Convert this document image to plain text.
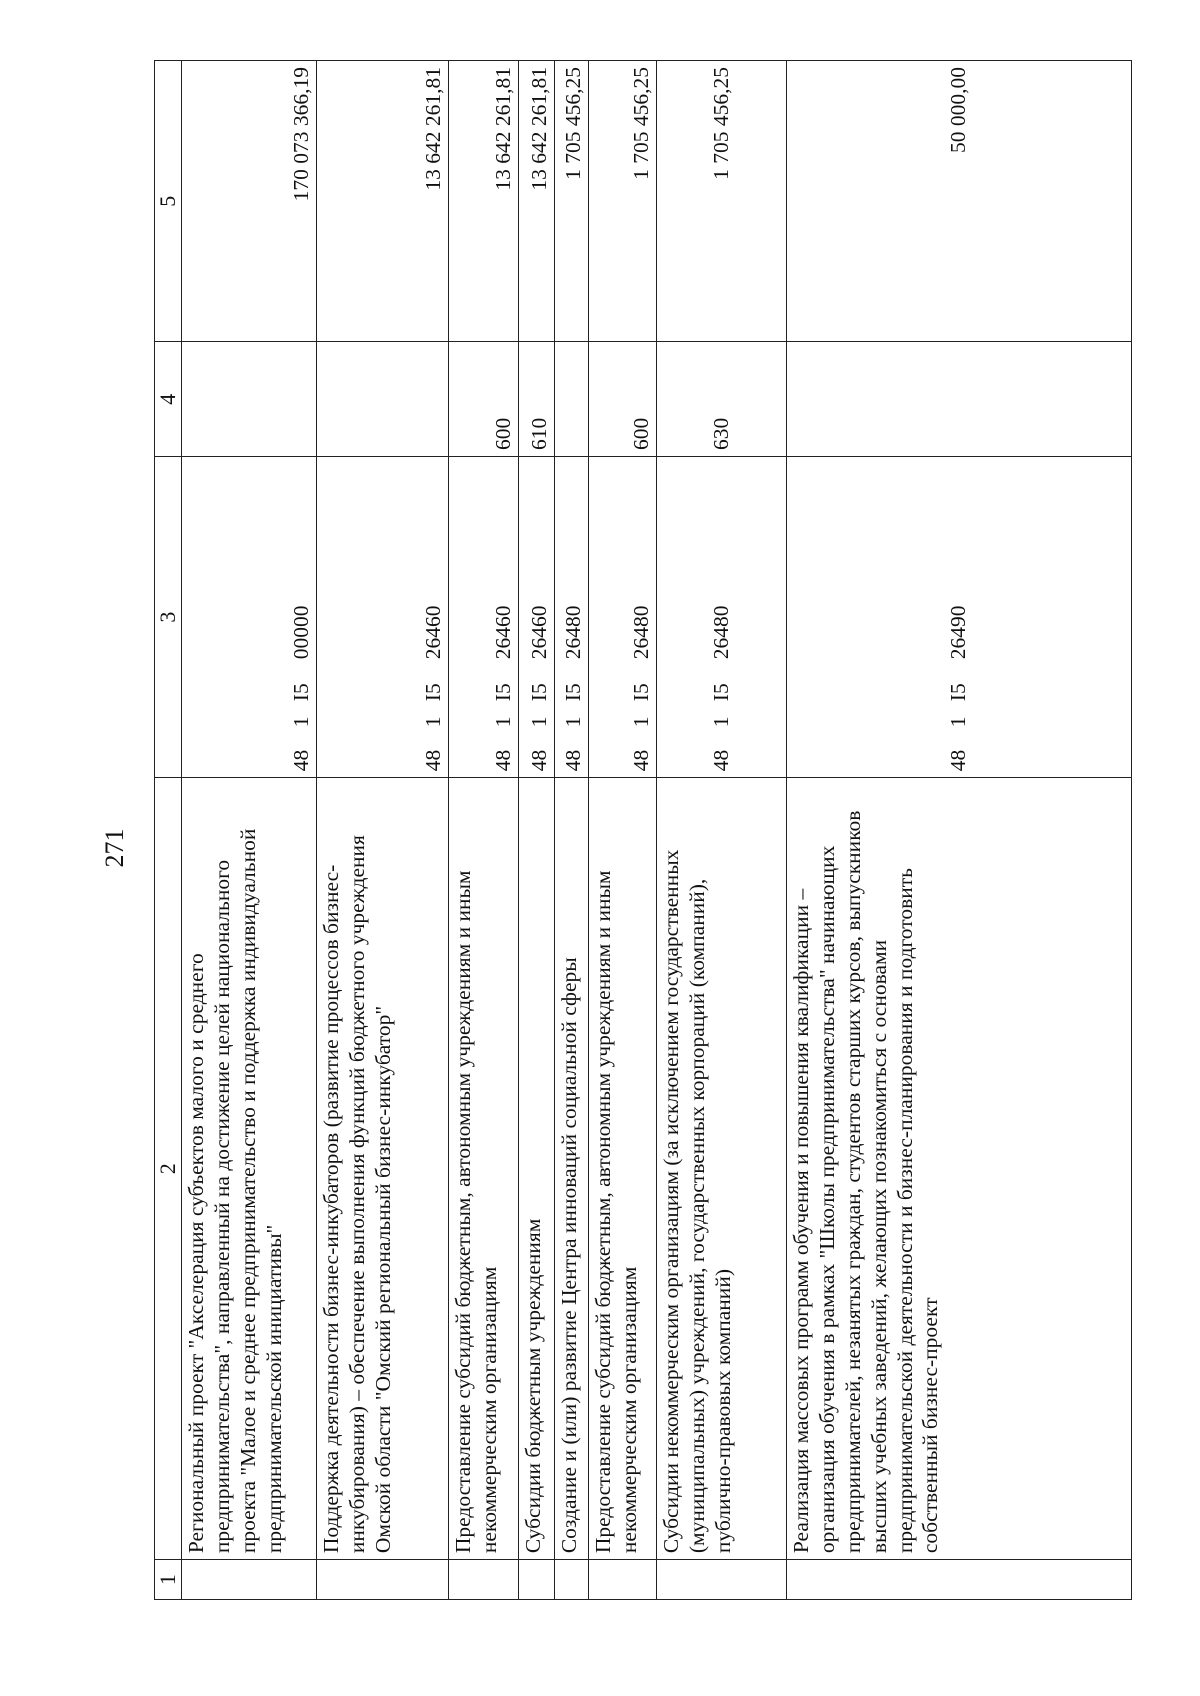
271
1	2	3	4	5
	Региональный проект "Акселерация субъектов малого и среднего предпринимательства", направленный на достижение целей национального проекта "Малое и среднее предпринимательство и поддержка индивидуальной предпринимательской инициативы"	481I500000		170 073 366,19
	Поддержка деятельности бизнес-инкубаторов (развитие процессов бизнес-инкубирования) – обеспечение выполнения функций бюджетного учреждения Омской области "Омский региональный бизнес-инкубатор"	481I526460		13 642 261,81
	Предоставление субсидий бюджетным, автономным учреждениям и иным некоммерческим организациям	481I526460	600	13 642 261,81
	Субсидии бюджетным учреждениям	481I526460	610	13 642 261,81
	Создание и (или) развитие Центра инноваций социальной сферы	481I526480		1 705 456,25
	Предоставление субсидий бюджетным, автономным учреждениям и иным некоммерческим организациям	481I526480	600	1 705 456,25
	Субсидии некоммерческим организациям (за исключением государственных (муниципальных) учреждений, государственных корпораций (компаний), публично-правовых компаний)	481I526480	630	1 705 456,25
	Реализация массовых программ обучения и повышения квалификации – организация обучения в рамках "Школы предпринимательства" начинающих предпринимателей, незанятых граждан, студентов старших курсов, выпускников высших учебных заведений, желающих познакомиться с основами предпринимательской деятельности и бизнес-планирования и подготовить собственный бизнес-проект	481I526490		50 000,00
